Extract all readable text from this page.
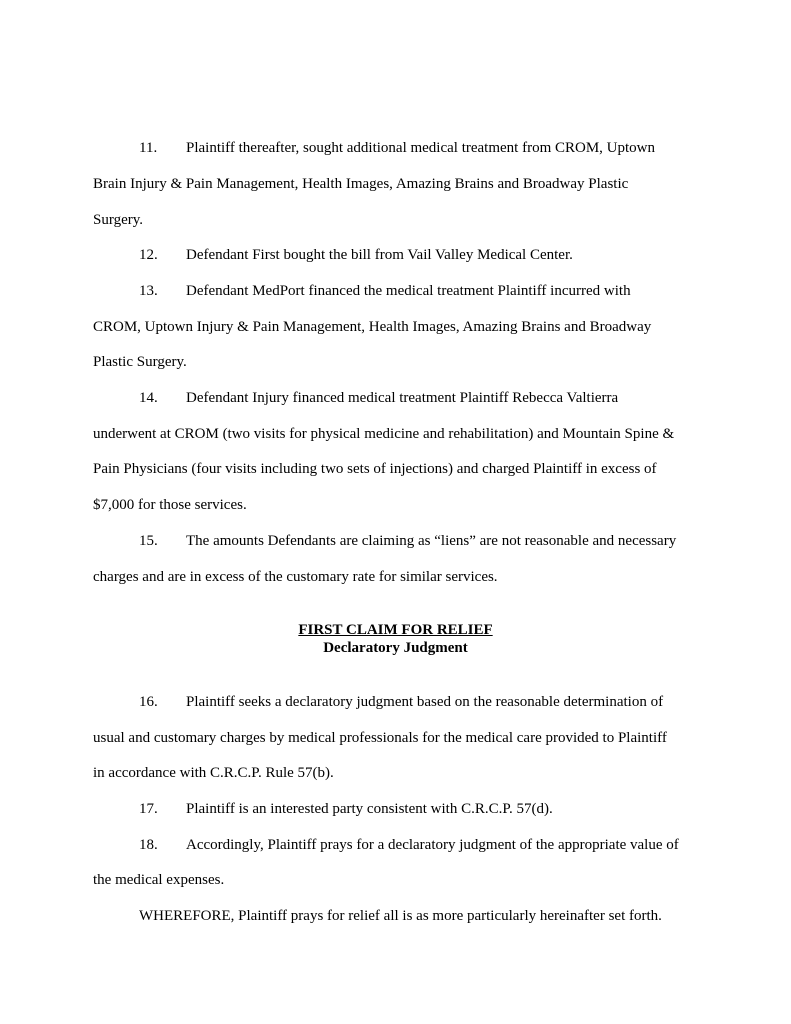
11. Plaintiff thereafter, sought additional medical treatment from CROM, Uptown
Brain Injury & Pain Management, Health Images, Amazing Brains and Broadway Plastic
Surgery.
12. Defendant First bought the bill from Vail Valley Medical Center.
13. Defendant MedPort financed the medical treatment Plaintiff incurred with
CROM, Uptown Injury & Pain Management, Health Images, Amazing Brains and Broadway
Plastic Surgery.
14. Defendant Injury financed medical treatment Plaintiff Rebecca Valtierra
underwent at CROM (two visits for physical medicine and rehabilitation) and Mountain Spine &
Pain Physicians (four visits including two sets of injections) and charged Plaintiff in excess of
$7,000 for those services.
15. The amounts Defendants are claiming as “liens” are not reasonable and necessary
charges and are in excess of the customary rate for similar services.
FIRST CLAIM FOR RELIEF
Declaratory Judgment
16. Plaintiff seeks a declaratory judgment based on the reasonable determination of
usual and customary charges by medical professionals for the medical care provided to Plaintiff
in accordance with C.R.C.P. Rule 57(b).
17. Plaintiff is an interested party consistent with C.R.C.P. 57(d).
18. Accordingly, Plaintiff prays for a declaratory judgment of the appropriate value of
the medical expenses.
WHEREFORE, Plaintiff prays for relief all is as more particularly hereinafter set forth.
